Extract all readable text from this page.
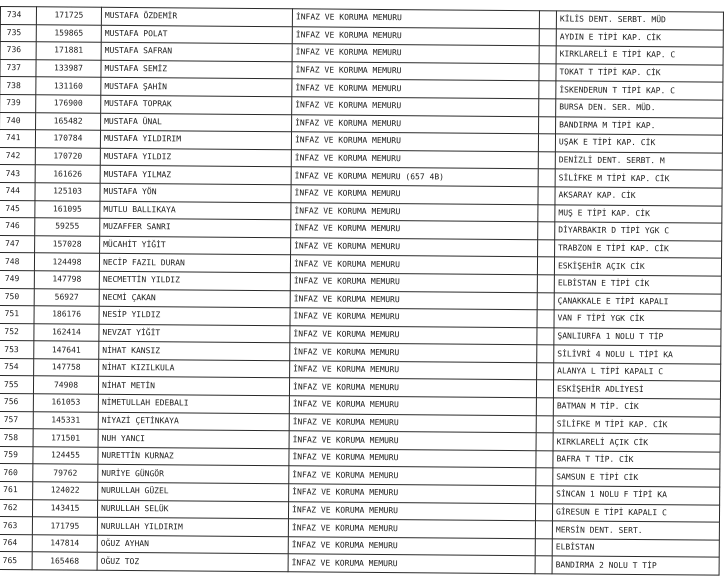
734	171725	MUSTAFA ÖZDEMİR	İNFAZ VE KORUMA MEMURU		KİLİS DENT. SERBT. MÜD
735	159865	MUSTAFA POLAT	İNFAZ VE KORUMA MEMURU		AYDIN E TİPİ KAP. CİK
736	171881	MUSTAFA SAFRAN	İNFAZ VE KORUMA MEMURU		KIRKLARELİ E TİPİ KAP. C
737	133987	MUSTAFA SEMİZ	İNFAZ VE KORUMA MEMURU		TOKAT T TİPİ KAP. CİK
738	131160	MUSTAFA ŞAHİN	İNFAZ VE KORUMA MEMURU		İSKENDERUN T TİPİ KAP. C
739	176900	MUSTAFA TOPRAK	İNFAZ VE KORUMA MEMURU		BURSA DEN. SER. MÜD.
740	165482	MUSTAFA ÜNAL	İNFAZ VE KORUMA MEMURU		BANDIRMA M TİPİ KAP.
741	170784	MUSTAFA YILDIRIM	İNFAZ VE KORUMA MEMURU		UŞAK E TİPİ KAP. CİK
742	170720	MUSTAFA YILDIZ	İNFAZ VE KORUMA MEMURU		DENİZLİ DENT. SERBT. M
743	161626	MUSTAFA YILMAZ	İNFAZ VE KORUMA MEMURU (657 4B)		SİLİFKE M TİPİ KAP. CİK
744	125103	MUSTAFA YÖN	İNFAZ VE KORUMA MEMURU		AKSARAY KAP. CİK
745	161095	MUTLU BALLIKAYA	İNFAZ VE KORUMA MEMURU		MUŞ E TİPİ KAP. CİK
746	59255	MUZAFFER SANRI	İNFAZ VE KORUMA MEMURU		DİYARBAKIR D TİPİ YGK C
747	157028	MÜCAHİT YİĞİT	İNFAZ VE KORUMA MEMURU		TRABZON E TİPİ KAP. CİK
748	124498	NECİP FAZIL DURAN	İNFAZ VE KORUMA MEMURU		ESKİŞEHİR AÇIK CİK
749	147798	NECMETTİN YILDIZ	İNFAZ VE KORUMA MEMURU		ELBİSTAN E TİPİ CİK
750	56927	NECMİ ÇAKAN	İNFAZ VE KORUMA MEMURU		ÇANAKKALE E TİPİ KAPALI
751	186176	NESİP YILDIZ	İNFAZ VE KORUMA MEMURU		VAN F TİPİ YGK CİK
752	162414	NEVZAT YİĞİT	İNFAZ VE KORUMA MEMURU		ŞANLIURFA 1 NOLU T TİP
753	147641	NİHAT KANSIZ	İNFAZ VE KORUMA MEMURU		SİLİVRİ 4 NOLU L TİPİ KA
754	147758	NİHAT KIZILKULA	İNFAZ VE KORUMA MEMURU		ALANYA L TİPİ KAPALI C
755	74908	NİHAT METİN	İNFAZ VE KORUMA MEMURU		ESKİŞEHİR ADLİYESİ
756	161053	NİMETULLAH EDEBALI	İNFAZ VE KORUMA MEMURU		BATMAN M TİP. CİK
757	145331	NİYAZİ ÇETİNKAYA	İNFAZ VE KORUMA MEMURU		SİLİFKE M TİPİ KAP. CİK
758	171501	NUH YANCI	İNFAZ VE KORUMA MEMURU		KIRKLARELİ AÇIK CİK
759	124455	NURETTİN KURNAZ	İNFAZ VE KORUMA MEMURU		BAFRA T TİP. CİK
760	79762	NURİYE GÜNGÖR	İNFAZ VE KORUMA MEMURU		SAMSUN E TİPİ CİK
761	124022	NURULLAH GÜZEL	İNFAZ VE KORUMA MEMURU		SİNCAN 1 NOLU F TİPİ KA
762	143415	NURULLAH SELÜK	İNFAZ VE KORUMA MEMURU		GİRESUN E TİPİ KAPALI C
763	171795	NURULLAH YILDIRIM	İNFAZ VE KORUMA MEMURU		MERSİN DENT. SERT.
764	147814	OĞUZ AYHAN	İNFAZ VE KORUMA MEMURU		ELBİSTAN
765	165468	OĞUZ TOZ	İNFAZ VE KORUMA MEMURU		BANDIRMA 2 NOLU T TİP
